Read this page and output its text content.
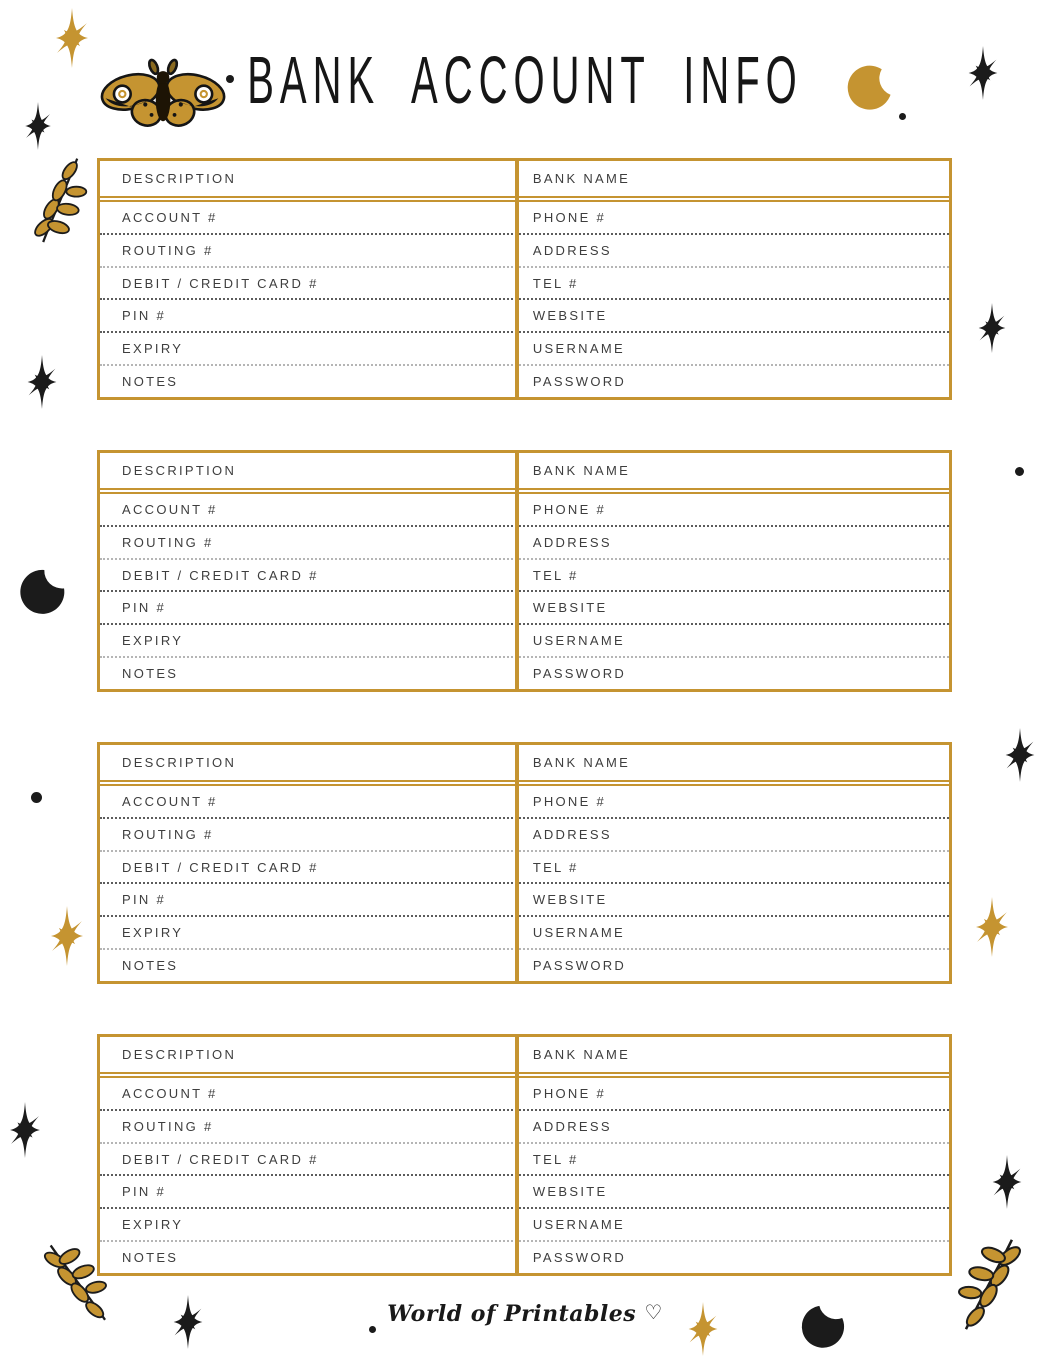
BANK ACCOUNT INFO
DESCRIPTION	BANK NAME
ACCOUNT #	PHONE #
ROUTING #	ADDRESS
DEBIT / CREDIT CARD #	TEL #
PIN #	WEBSITE
EXPIRY	USERNAME
NOTES	PASSWORD
DESCRIPTION	BANK NAME
ACCOUNT #	PHONE #
ROUTING #	ADDRESS
DEBIT / CREDIT CARD #	TEL #
PIN #	WEBSITE
EXPIRY	USERNAME
NOTES	PASSWORD
DESCRIPTION	BANK NAME
ACCOUNT #	PHONE #
ROUTING #	ADDRESS
DEBIT / CREDIT CARD #	TEL #
PIN #	WEBSITE
EXPIRY	USERNAME
NOTES	PASSWORD
DESCRIPTION	BANK NAME
ACCOUNT #	PHONE #
ROUTING #	ADDRESS
DEBIT / CREDIT CARD #	TEL #
PIN #	WEBSITE
EXPIRY	USERNAME
NOTES	PASSWORD
World of Printables ♡
